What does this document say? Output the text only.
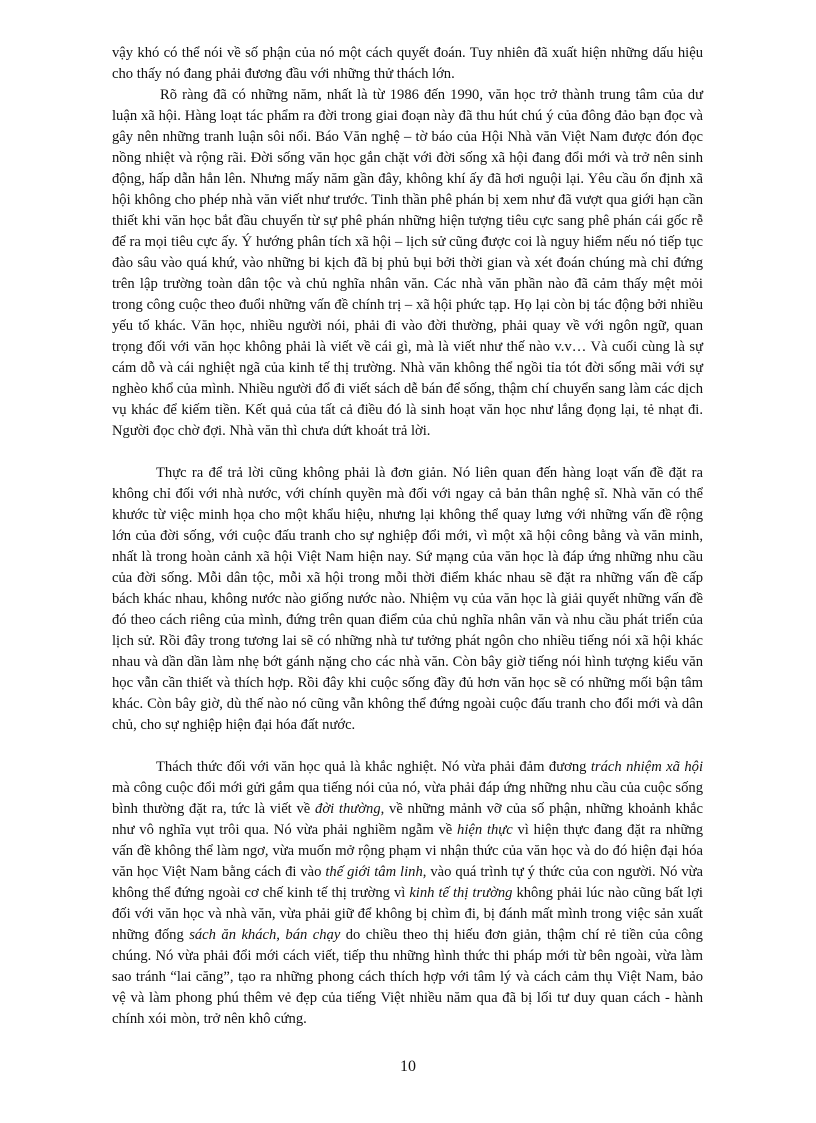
vậy khó có thể nói về số phận của nó một cách quyết đoán. Tuy nhiên đã xuất hiện những dấu hiệu cho thấy nó đang phải đương đầu với những thử thách lớn.

Rõ ràng đã có những năm, nhất là từ 1986 đến 1990, văn học trở thành trung tâm của dư luận xã hội. Hàng loạt tác phẩm ra đời trong giai đoạn này đã thu hút chú ý của đông đảo bạn đọc và gây nên những tranh luận sôi nổi. Báo Văn nghệ – tờ báo của Hội Nhà văn Việt Nam được đón đọc nồng nhiệt và rộng rãi. Đời sống văn học gắn chặt với đời sống xã hội đang đổi mới và trở nên sinh động, hấp dẫn hẳn lên. Nhưng mấy năm gần đây, không khí ấy đã hơi nguội lại. Yêu cầu ổn định xã hội không cho phép nhà văn viết như trước. Tinh thần phê phán bị xem như đã vượt qua giới hạn cần thiết khi văn học bắt đầu chuyển từ sự phê phán những hiện tượng tiêu cực sang phê phán cái gốc rễ để ra mọi tiêu cực ấy. Ý hướng phân tích xã hội – lịch sử cũng được coi là nguy hiểm nếu nó tiếp tục đào sâu vào quá khứ, vào những bi kịch đã bị phủ bụi bởi thời gian và xét đoán chúng mà chỉ đứng trên lập trường toàn dân tộc và chủ nghĩa nhân văn. Các nhà văn phần nào đã cảm thấy mệt mỏi trong công cuộc theo đuổi những vấn đề chính trị – xã hội phức tạp. Họ lại còn bị tác động bởi nhiều yếu tố khác. Văn học, nhiều người nói, phải đi vào đời thường, phải quay về với ngôn ngữ, quan trọng đối với văn học không phải là viết về cái gì, mà là viết như thế nào v.v… Và cuối cùng là sự cám dỗ và cái nghiệt ngã của kinh tế thị trường. Nhà văn không thể ngồi tỉa tót đời sống mãi với sự nghèo khổ của mình. Nhiều người đổ đi viết sách dễ bán để sống, thậm chí chuyển sang làm các dịch vụ khác để kiếm tiền. Kết quả của tất cả điều đó là sinh hoạt văn học như lắng đọng lại, tẻ nhạt đi. Người đọc chờ đợi. Nhà văn thì chưa dứt khoát trả lời.

Thực ra để trả lời cũng không phải là đơn giản. Nó liên quan đến hàng loạt vấn đề đặt ra không chỉ đối với nhà nước, với chính quyền mà đối với ngay cả bản thân nghệ sĩ. Nhà văn có thể khước từ việc minh họa cho một khẩu hiệu, nhưng lại không thể quay lưng với những vấn đề rộng lớn của đời sống, với cuộc đấu tranh cho sự nghiệp đổi mới, vì một xã hội công bằng và văn minh, nhất là trong hoàn cảnh xã hội Việt Nam hiện nay. Sứ mạng của văn học là đáp ứng những nhu cầu của đời sống. Mỗi dân tộc, mỗi xã hội trong mỗi thời điểm khác nhau sẽ đặt ra những vấn đề cấp bách khác nhau, không nước nào giống nước nào. Nhiệm vụ của văn học là giải quyết những vấn đề đó theo cách riêng của mình, đứng trên quan điểm của chủ nghĩa nhân văn và nhu cầu phát triển của lịch sử. Rồi đây trong tương lai sẽ có những nhà tư tưởng phát ngôn cho nhiều tiếng nói xã hội khác nhau và dần dần làm nhẹ bớt gánh nặng cho các nhà văn. Còn bây giờ tiếng nói hình tượng kiểu văn học vẫn cần thiết và thích hợp. Rồi đây khi cuộc sống đầy đủ hơn văn học sẽ có những mối bận tâm khác. Còn bây giờ, dù thế nào nó cũng vẫn không thể đứng ngoài cuộc đấu tranh cho đổi mới và dân chủ, cho sự nghiệp hiện đại hóa đất nước.

Thách thức đối với văn học quả là khắc nghiệt. Nó vừa phải đảm đương trách nhiệm xã hội mà công cuộc đổi mới gửi gắm qua tiếng nói của nó, vừa phải đáp ứng những nhu cầu của cuộc sống bình thường đặt ra, tức là viết về đời thường, về những mảnh vỡ của số phận, những khoảnh khắc như vô nghĩa vụt trôi qua. Nó vừa phải nghiềm ngẫm về hiện thực vì hiện thực đang đặt ra những vấn đề không thể làm ngơ, vừa muốn mở rộng phạm vi nhận thức của văn học và do đó hiện đại hóa văn học Việt Nam bằng cách đi vào thế giới tâm linh, vào quá trình tự ý thức của con người. Nó vừa không thể đứng ngoài cơ chế kinh tế thị trường vì kinh tế thị trường không phải lúc nào cũng bất lợi đối với văn học và nhà văn, vừa phải giữ để không bị chìm đi, bị đánh mất mình trong việc sản xuất những đống sách ăn khách, bán chạy do chiều theo thị hiếu đơn giản, thậm chí rẻ tiền của công chúng. Nó vừa phải đổi mới cách viết, tiếp thu những hình thức thi pháp mới từ bên ngoài, vừa làm sao tránh “lai căng”, tạo ra những phong cách thích hợp với tâm lý và cách cảm thụ Việt Nam, bảo vệ và làm phong phú thêm vẻ đẹp của tiếng Việt nhiều năm qua đã bị lối tư duy quan cách - hành chính xói mòn, trở nên khô cứng.

10
